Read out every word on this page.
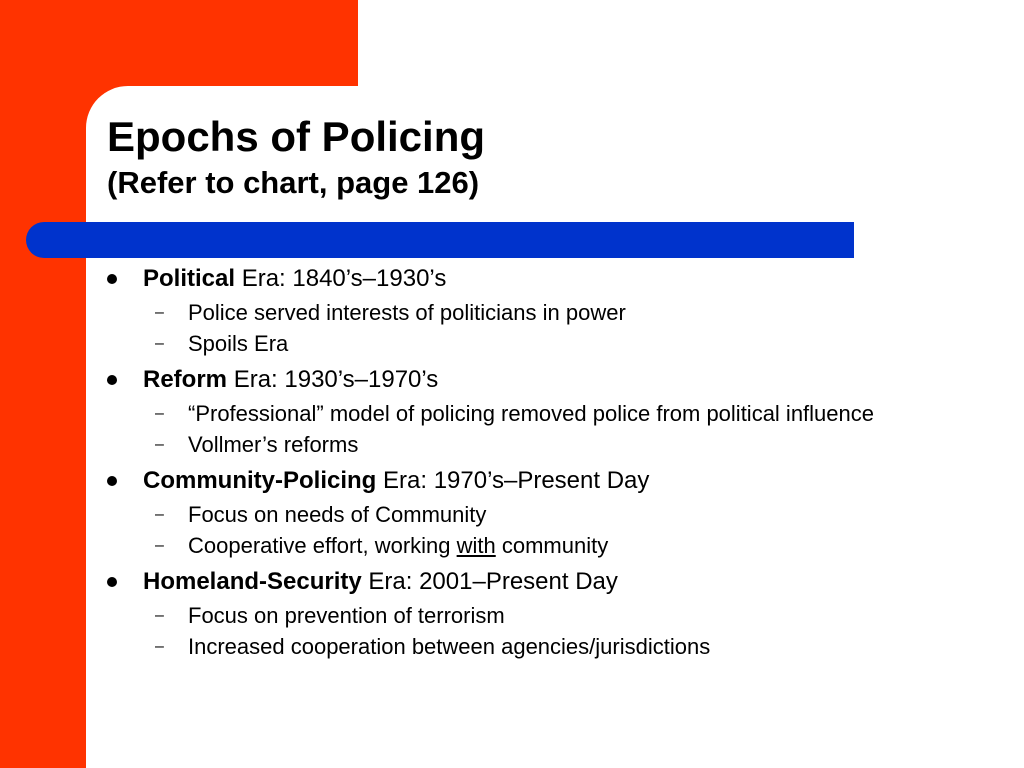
Epochs of Policing
(Refer to chart, page 126)
Political Era: 1840’s–1930’s
– Police served interests of politicians in power
– Spoils Era
Reform Era: 1930’s–1970’s
– “Professional” model of policing removed police from political influence
– Vollmer’s reforms
Community-Policing Era: 1970’s–Present Day
– Focus on needs of Community
– Cooperative effort, working with community
Homeland-Security Era: 2001–Present Day
– Focus on prevention of terrorism
– Increased cooperation between agencies/jurisdictions
